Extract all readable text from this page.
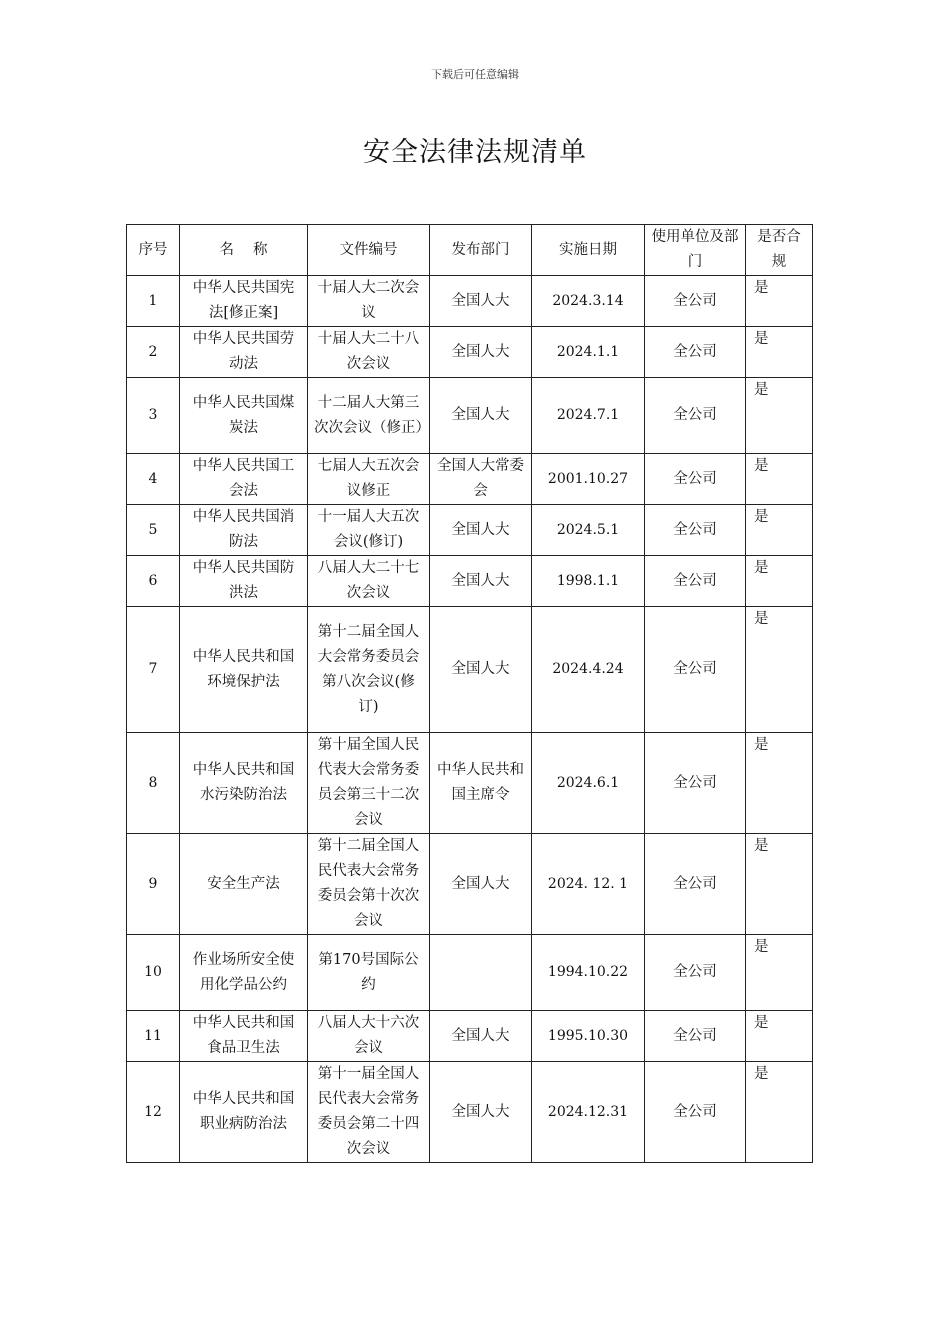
下载后可任意编辑
安全法律法规清单
序号	名　 称	文件编号	发布部门	实施日期	使用单位及部门	是否合规
1	中华人民共国宪法[修正案]	十届人大二次会议	全国人大	2024.3.14	全公司	是
2	中华人民共国劳动法	十届人大二十八次会议	全国人大	2024.1.1	全公司	是
3	中华人民共国煤炭法	十二届人大第三次次会议（修正）	全国人大	2024.7.1	全公司	是
4	中华人民共国工会法	七届人大五次会议修正	全国人大常委会	2001.10.27	全公司	是
5	中华人民共国消防法	十一届人大五次会议(修订)	全国人大	2024.5.1	全公司	是
6	中华人民共国防洪法	八届人大二十七次会议	全国人大	1998.1.1	全公司	是
7	中华人民共和国环境保护法	第十二届全国人大会常务委员会第八次会议(修订)	全国人大	2024.4.24	全公司	是
8	中华人民共和国水污染防治法	第十届全国人民代表大会常务委员会第三十二次会议	中华人民共和国主席令	2024.6.1	全公司	是
9	安全生产法	第十二届全国人民代表大会常务委员会第十次次会议	全国人大	2024. 12. 1	全公司	是
10	作业场所安全使用化学品公约	第170号国际公约		1994.10.22	全公司	是
11	中华人民共和国食品卫生法	八届人大十六次会议	全国人大	1995.10.30	全公司	是
12	中华人民共和国职业病防治法	第十一届全国人民代表大会常务委员会第二十四次会议	全国人大	2024.12.31	全公司	是
